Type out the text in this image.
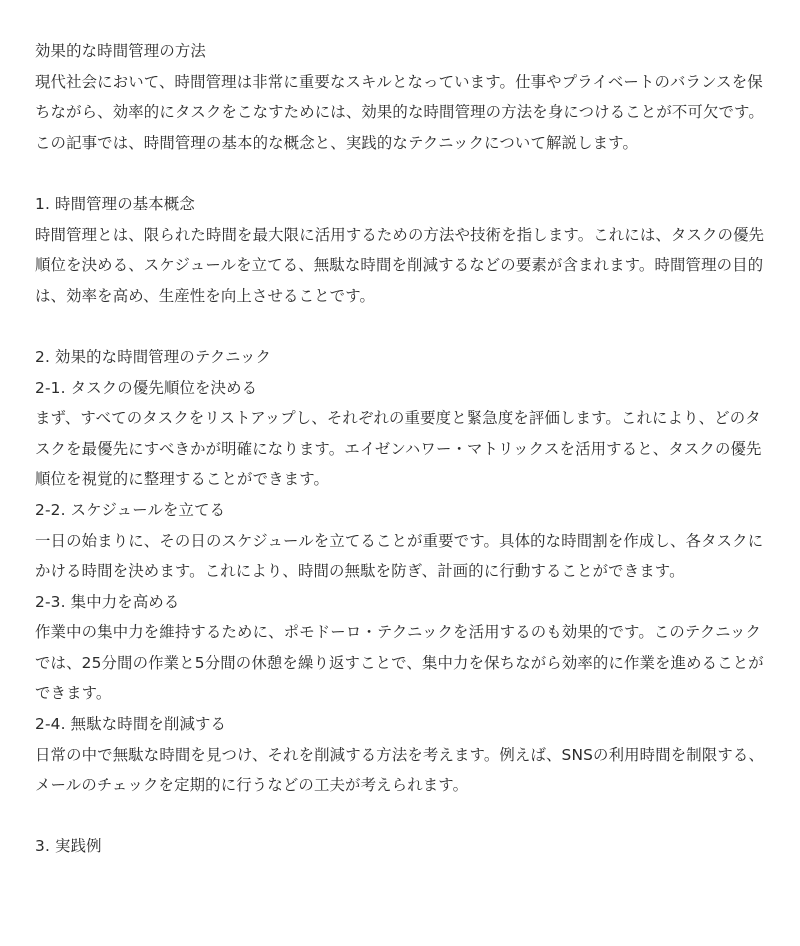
効果的な時間管理の方法

現代社会において、時間管理は非常に重要なスキルとなっています。仕事やプライベートのバランスを保ちながら、効率的にタスクをこなすためには、効果的な時間管理の方法を身につけることが不可欠です。この記事では、時間管理の基本的な概念と、実践的なテクニックについて解説します。

1. 時間管理の基本概念

時間管理とは、限られた時間を最大限に活用するための方法や技術を指します。これには、タスクの優先順位を決める、スケジュールを立てる、無駄な時間を削減するなどの要素が含まれます。時間管理の目的は、効率を高め、生産性を向上させることです。

2. 効果的な時間管理のテクニック

2-1. タスクの優先順位を決める

まず、すべてのタスクをリストアップし、それぞれの重要度と緊急度を評価します。これにより、どのタスクを最優先にすべきかが明確になります。エイゼンハワー・マトリックスを活用すると、タスクの優先順位を視覚的に整理することができます。

2-2. スケジュールを立てる

一日の始まりに、その日のスケジュールを立てることが重要です。具体的な時間割を作成し、各タスクにかける時間を決めます。これにより、時間の無駄を防ぎ、計画的に行動することができます。

2-3. 集中力を高める

作業中の集中力を維持するために、ポモドーロ・テクニックを活用するのも効果的です。このテクニックでは、25分間の作業と5分間の休憩を繰り返すことで、集中力を保ちながら効率的に作業を進めることができます。

2-4. 無駄な時間を削減する

日常の中で無駄な時間を見つけ、それを削減する方法を考えます。例えば、SNSの利用時間を制限する、メールのチェックを定期的に行うなどの工夫が考えられます。

3. 実践例
